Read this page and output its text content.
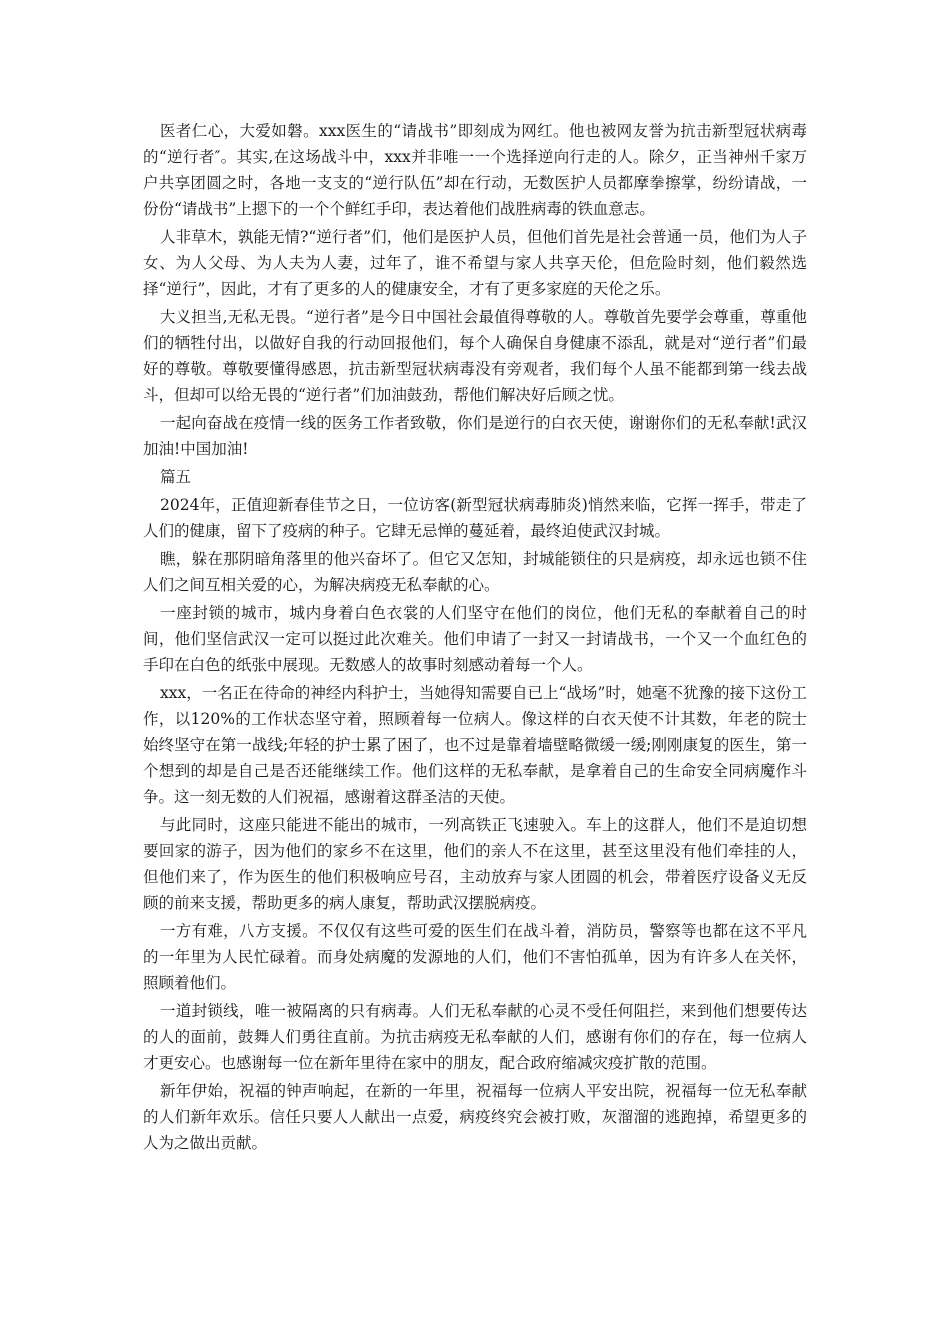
医者仁心，大爱如磐。xxx医生的“请战书”即刻成为网红。他也被网友誉为抗击新型冠状病毒的“逆行者″。其实,在这场战斗中，xxx并非唯一一个选择逆向行走的人。除夕，正当神州千家万户共享团圆之时，各地一支支的“逆行队伍”却在行动，无数医护人员都摩拳擦掌，纷纷请战，一份份“请战书”上摁下的一个个鲜红手印，表达着他们战胜病毒的铁血意志。

人非草木，孰能无情?“逆行者”们，他们是医护人员，但他们首先是社会普通一员，他们为人子女、为人父母、为人夫为人妻，过年了，谁不希望与家人共享天伦，但危险时刻，他们毅然选择“逆行”，因此，才有了更多的人的健康安全，才有了更多家庭的天伦之乐。

大义担当,无私无畏。“逆行者”是今日中国社会最值得尊敬的人。尊敬首先要学会尊重，尊重他们的牺牲付出，以做好自我的行动回报他们，每个人确保自身健康不添乱，就是对“逆行者”们最好的尊敬。尊敬要懂得感恩，抗击新型冠状病毒没有旁观者，我们每个人虽不能都到第一线去战斗，但却可以给无畏的“逆行者”们加油鼓劲，帮他们解决好后顾之忧。

一起向奋战在疫情一线的医务工作者致敬，你们是逆行的白衣天使，谢谢你们的无私奉献!武汉加油!中国加油!

篇五

2024年，正值迎新春佳节之日，一位访客(新型冠状病毒肺炎)悄然来临，它挥一挥手，带走了人们的健康，留下了疫病的种子。它肆无忌惮的蔓延着，最终迫使武汉封城。

瞧，躲在那阴暗角落里的他兴奋坏了。但它又怎知，封城能锁住的只是病疫，却永远也锁不住人们之间互相关爱的心，为解决病疫无私奉献的心。

一座封锁的城市，城内身着白色衣裳的人们坚守在他们的岗位，他们无私的奉献着自己的时间，他们坚信武汉一定可以挺过此次难关。他们申请了一封又一封请战书，一个又一个血红色的手印在白色的纸张中展现。无数感人的故事时刻感动着每一个人。

xxx，一名正在待命的神经内科护士，当她得知需要自已上“战场”时，她毫不犹豫的接下这份工作，以120%的工作状态坚守着，照顾着每一位病人。像这样的白衣天使不计其数，年老的院士始终坚守在第一战线;年轻的护士累了困了，也不过是靠着墙壁略微缓一缓;刚刚康复的医生，第一个想到的却是自己是否还能继续工作。他们这样的无私奉献，是拿着自己的生命安全同病魔作斗争。这一刻无数的人们祝福，感谢着这群圣洁的天使。

与此同时，这座只能进不能出的城市，一列高铁正飞速驶入。车上的这群人，他们不是迫切想要回家的游子，因为他们的家乡不在这里，他们的亲人不在这里，甚至这里没有他们牵挂的人，但他们来了，作为医生的他们积极响应号召，主动放弃与家人团圆的机会，带着医疗设备义无反顾的前来支援，帮助更多的病人康复，帮助武汉摆脱病疫。

一方有难，八方支援。不仅仅有这些可爱的医生们在战斗着，消防员，警察等也都在这不平凡的一年里为人民忙碌着。而身处病魔的发源地的人们，他们不害怕孤单，因为有许多人在关怀，照顾着他们。

一道封锁线，唯一被隔离的只有病毒。人们无私奉献的心灵不受任何阻拦，来到他们想要传达的人的面前，鼓舞人们勇往直前。为抗击病疫无私奉献的人们，感谢有你们的存在，每一位病人才更安心。也感谢每一位在新年里待在家中的朋友，配合政府缩减灾疫扩散的范围。

新年伊始，祝福的钟声响起，在新的一年里，祝福每一位病人平安出院，祝福每一位无私奉献的人们新年欢乐。信任只要人人献出一点爱，病疫终究会被打败，灰溜溜的逃跑掉，希望更多的人为之做出贡献。
